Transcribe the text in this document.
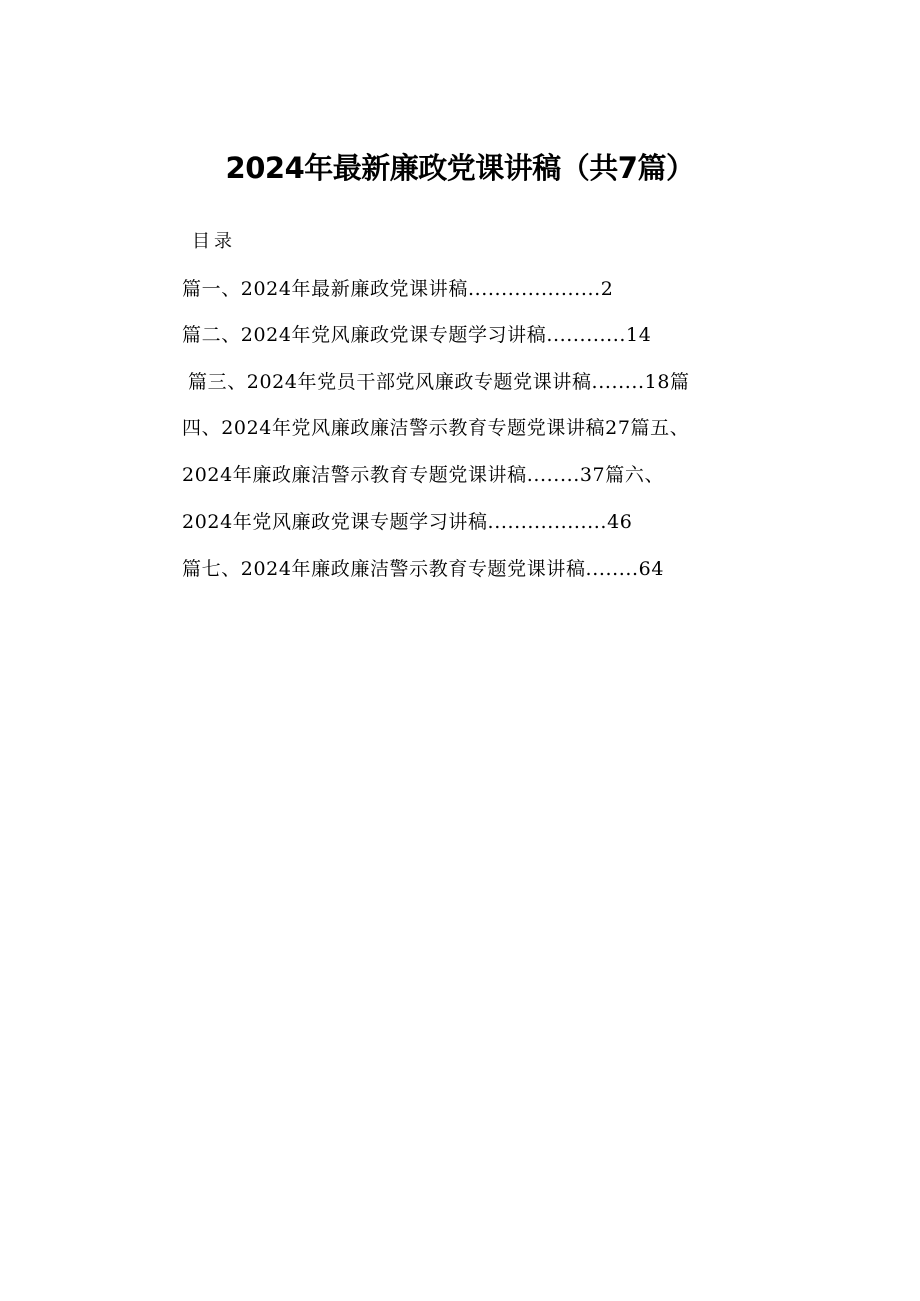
2024年最新廉政党课讲稿（共7篇）
目录
篇一、2024年最新廉政党课讲稿....................2
篇二、2024年党风廉政党课专题学习讲稿............14
篇三、2024年党员干部党风廉政专题党课讲稿........18篇
四、2024年党风廉政廉洁警示教育专题党课讲稿27篇五、
2024年廉政廉洁警示教育专题党课讲稿........37篇六、
2024年党风廉政党课专题学习讲稿..................46
篇七、2024年廉政廉洁警示教育专题党课讲稿........64
